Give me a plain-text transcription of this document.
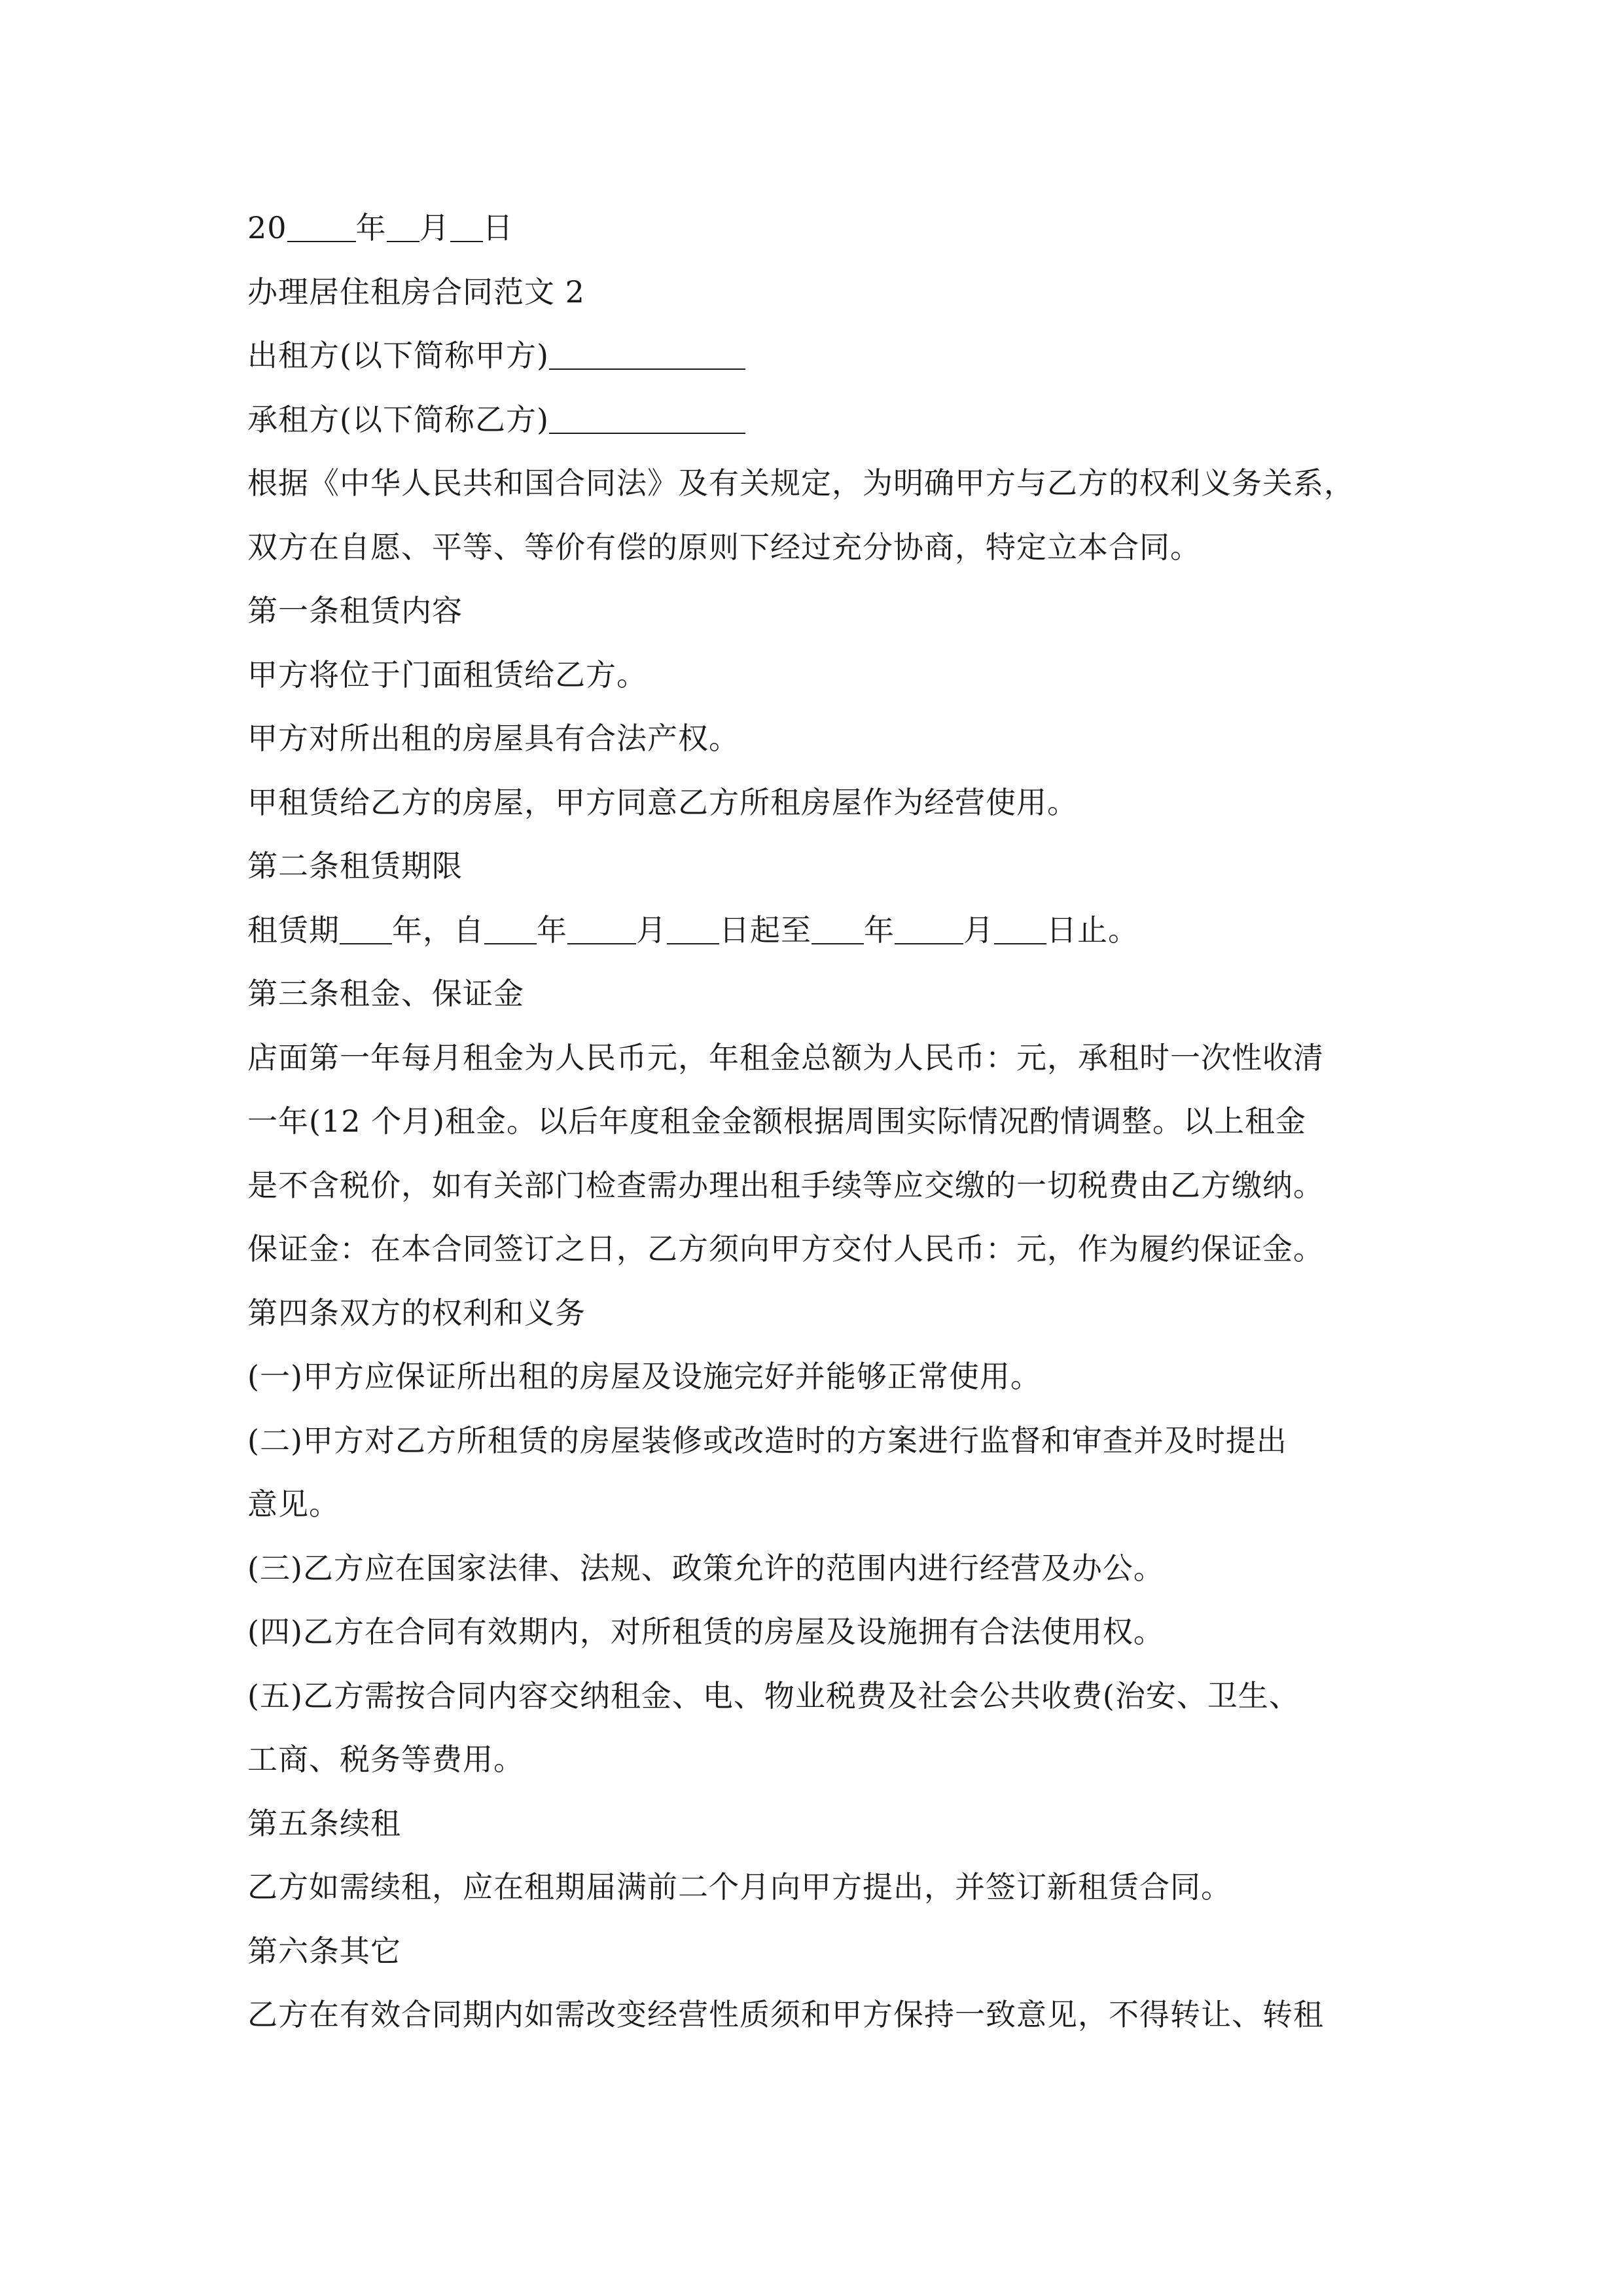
20 年 月 日
办理居住租房合同范文 2
出租方(以下简称甲方)
承租方(以下简称乙方)
根据《中华人民共和国合同法》及有关规定，为明确甲方与乙方的权利义务关系，
双方在自愿、平等、等价有偿的原则下经过充分协商，特定立本合同。
第一条租赁内容
甲方将位于门面租赁给乙方。
甲方对所出租的房屋具有合法产权。
甲租赁给乙方的房屋，甲方同意乙方所租房屋作为经营使用。
第二条租赁期限
租赁期 年，自 年 月 日起至 年 月 日止。
第三条租金、保证金
店面第一年每月租金为人民币元，年租金总额为人民币：元，承租时一次性收清
一年(12 个月)租金。以后年度租金金额根据周围实际情况酌情调整。以上租金
是不含税价，如有关部门检查需办理出租手续等应交缴的一切税费由乙方缴纳。
保证金：在本合同签订之日，乙方须向甲方交付人民币：元，作为履约保证金。
第四条双方的权利和义务
(一)甲方应保证所出租的房屋及设施完好并能够正常使用。
(二)甲方对乙方所租赁的房屋装修或改造时的方案进行监督和审查并及时提出
意见。
(三)乙方应在国家法律、法规、政策允许的范围内进行经营及办公。
(四)乙方在合同有效期内，对所租赁的房屋及设施拥有合法使用权。
(五)乙方需按合同内容交纳租金、电、物业税费及社会公共收费(治安、卫生、
工商、税务等费用。
第五条续租
乙方如需续租，应在租期届满前二个月向甲方提出，并签订新租赁合同。
第六条其它
乙方在有效合同期内如需改变经营性质须和甲方保持一致意见，不得转让、转租
